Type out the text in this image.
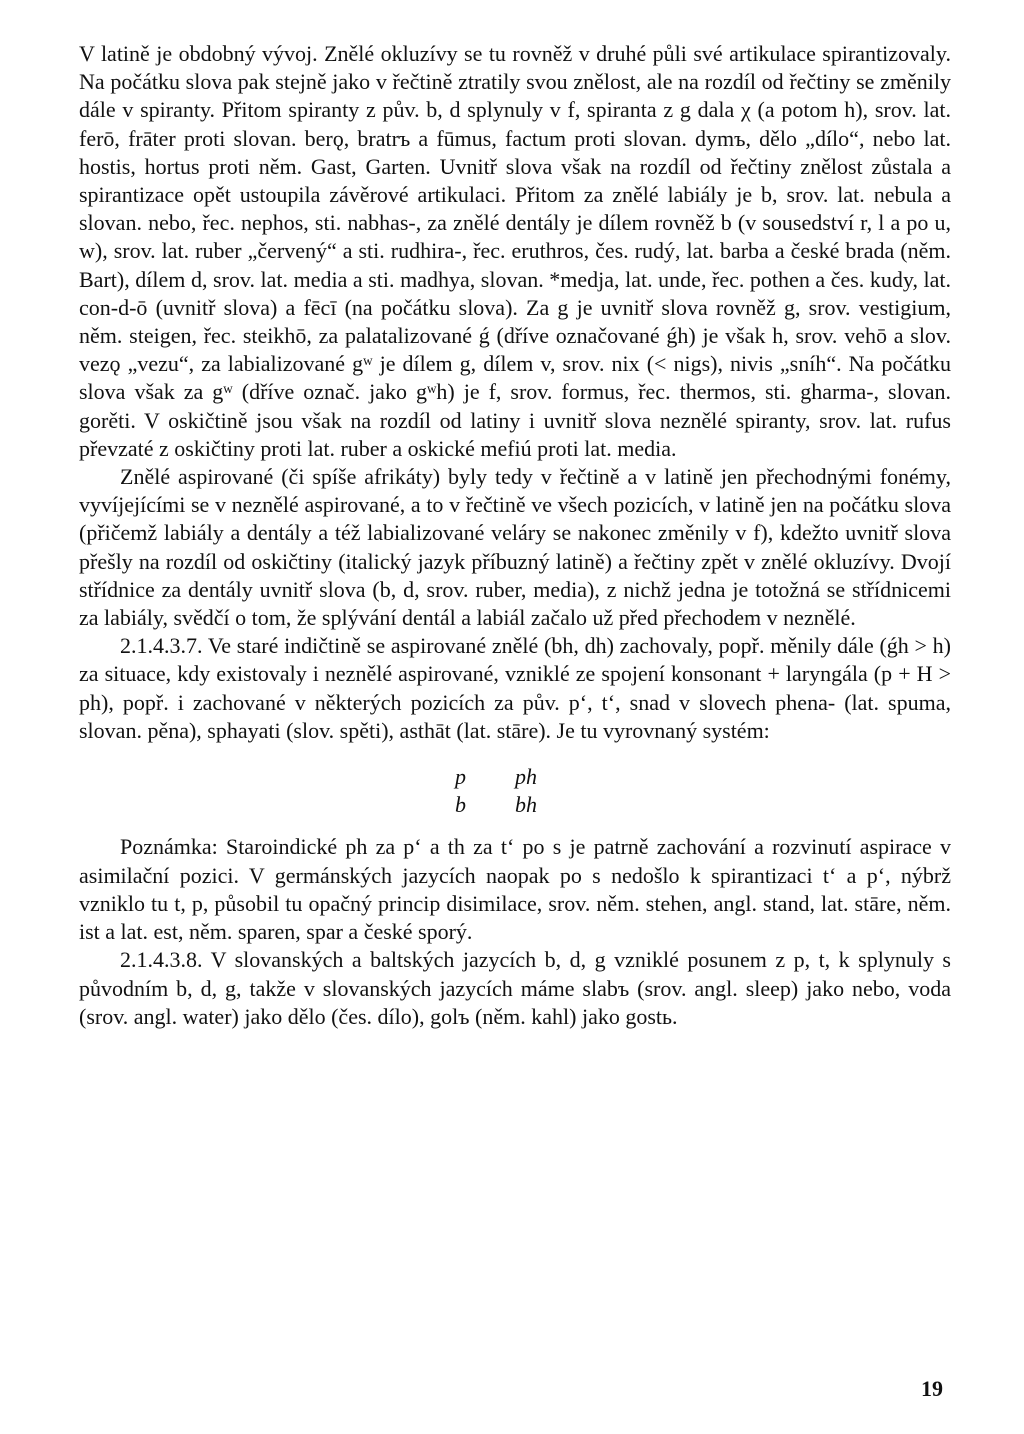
V latině je obdobný vývoj. Znělé okluzívy se tu rovněž v druhé půli své artikulace spirantizovaly. Na počátku slova pak stejně jako v řečtině ztratily svou znělost, ale na rozdíl od řečtiny se změnily dále v spiranty. Přitom spiranty z pův. b, d splynuly v f, spiranta z g dala χ (a potom h), srov. lat. ferō, frāter proti slovan. berǫ, bratrъ a fūmus, factum proti slovan. dymъ, dělo „dílo“, nebo lat. hostis, hortus proti něm. Gast, Garten. Uvnitř slova však na rozdíl od řečtiny znělost zůstala a spirantizace opět ustoupila závěrové artikulaci. Přitom za znělé labiály je b, srov. lat. nebula a slovan. nebo, řec. nephos, sti. nabhas-, za znělé dentály je dílem rovněž b (v sousedství r, l a po u, w), srov. lat. ruber „červený“ a sti. rudhira-, řec. eruthros, čes. rudý, lat. barba a české brada (něm. Bart), dílem d, srov. lat. media a sti. madhya, slovan. *medja, lat. unde, řec. pothen a čes. kudy, lat. con-d-ō (uvnitř slova) a fēcī (na počátku slova). Za g je uvnitř slova rovněž g, srov. vestigium, něm. steigen, řec. steikhō, za palatalizované ǵ (dříve označované ǵh) je však h, srov. vehō a slov. vezǫ „vezu“, za labializované gʷ je dílem g, dílem v, srov. nix (< nigs), nivis „sníh“. Na počátku slova však za gʷ (dříve označ. jako gʷh) je f, srov. formus, řec. thermos, sti. gharma-, slovan. gorěti. V oskičtině jsou však na rozdíl od latiny i uvnitř slova neznělé spiranty, srov. lat. rufus převzaté z oskičtiny proti lat. ruber a oskické mefiú proti lat. media.

Znělé aspirované (či spíše afrikáty) byly tedy v řečtině a v latině jen přechodnými fonémy, vyvíjejícími se v neznělé aspirované, a to v řečtině ve všech pozicích, v latině jen na počátku slova (přičemž labiály a dentály a též labializované veláry se nakonec změnily v f), kdežto uvnitř slova přešly na rozdíl od oskičtiny (italický jazyk příbuzný latině) a řečtiny zpět v znělé okluzívy. Dvojí střídnice za dentály uvnitř slova (b, d, srov. ruber, media), z nichž jedna je totožná se střídnicemi za labiály, svědčí o tom, že splývání dentál a labiál začalo už před přechodem v neznělé.

2.1.4.3.7. Ve staré indičtině se aspirované znělé (bh, dh) zachovaly, popř. měnily dále (ǵh > h) za situace, kdy existovaly i neznělé aspirované, vzniklé ze spojení konsonant + laryngála (p + H > ph), popř. i zachované v některých pozicích za pův. p‘, t‘, snad v slovech phena- (lat. spuma, slovan. pěna), sphayati (slov. spěti), asthāt (lat. stāre). Je tu vyrovnaný systém:

p	ph
b	bh

Poznámka: Staroindické ph za p‘ a th za t‘ po s je patrně zachování a rozvinutí aspirace v asimilační pozici. V germánských jazycích naopak po s nedošlo k spirantizaci t‘ a p‘, nýbrž vzniklo tu t, p, působil tu opačný princip disimilace, srov. něm. stehen, angl. stand, lat. stāre, něm. ist a lat. est, něm. sparen, spar a české sporý.

2.1.4.3.8. V slovanských a baltských jazycích b, d, g vzniklé posunem z p, t, k splynuly s původním b, d, g, takže v slovanských jazycích máme slabъ (srov. angl. sleep) jako nebo, voda (srov. angl. water) jako dělo (čes. dílo), golъ (něm. kahl) jako gostь.

19
